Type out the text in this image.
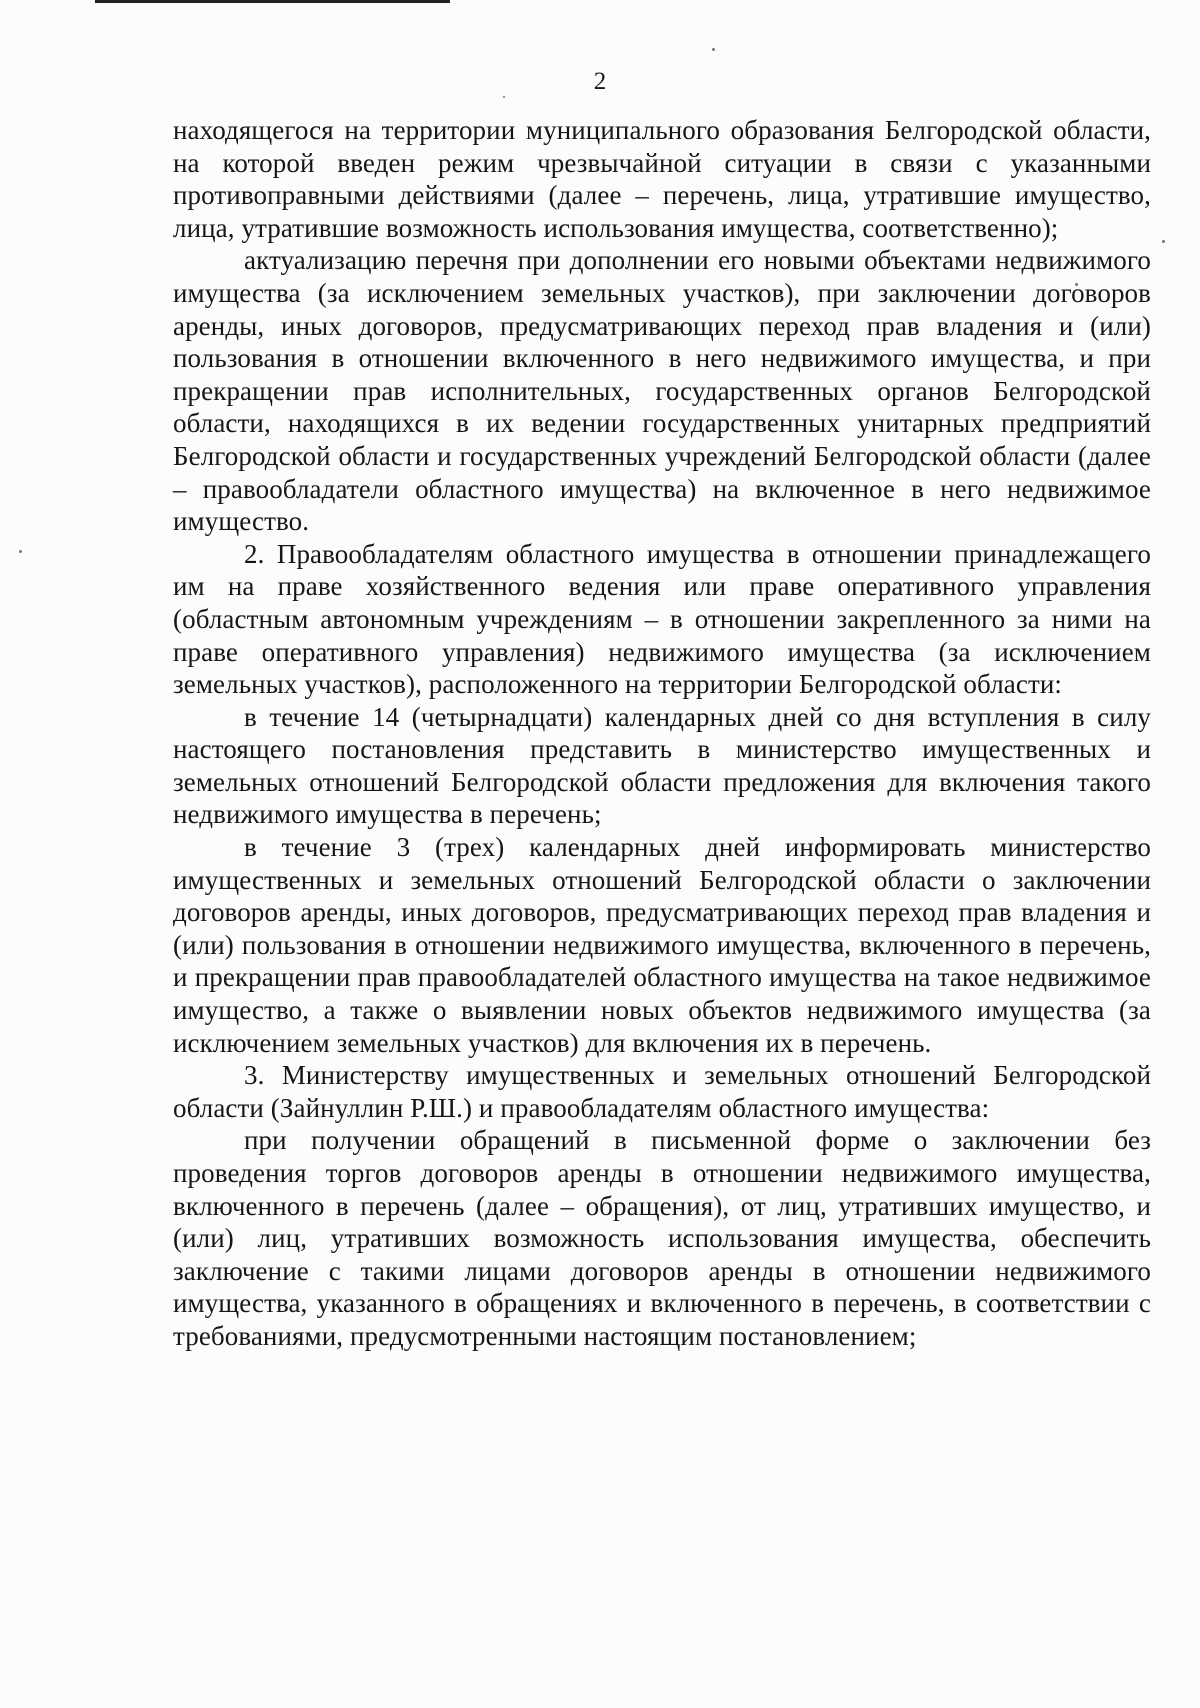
2

находящегося на территории муниципального образования Белгородской области, на которой введен режим чрезвычайной ситуации в связи с указанными противоправными действиями (далее – перечень, лица, утратившие имущество, лица, утратившие возможность использования имущества, соответственно);

актуализацию перечня при дополнении его новыми объектами недвижимого имущества (за исключением земельных участков), при заключении договоров аренды, иных договоров, предусматривающих переход прав владения и (или) пользования в отношении включенного в него недвижимого имущества, и при прекращении прав исполнительных, государственных органов Белгородской области, находящихся в их ведении государственных унитарных предприятий Белгородской области и государственных учреждений Белгородской области (далее – правообладатели областного имущества) на включенное в него недвижимое имущество.

2. Правообладателям областного имущества в отношении принадлежащего им на праве хозяйственного ведения или праве оперативного управления (областным автономным учреждениям – в отношении закрепленного за ними на праве оперативного управления) недвижимого имущества (за исключением земельных участков), расположенного на территории Белгородской области:

в течение 14 (четырнадцати) календарных дней со дня вступления в силу настоящего постановления представить в министерство имущественных и земельных отношений Белгородской области предложения для включения такого недвижимого имущества в перечень;

в течение 3 (трех) календарных дней информировать министерство имущественных и земельных отношений Белгородской области о заключении договоров аренды, иных договоров, предусматривающих переход прав владения и (или) пользования в отношении недвижимого имущества, включенного в перечень, и прекращении прав правообладателей областного имущества на такое недвижимое имущество, а также о выявлении новых объектов недвижимого имущества (за исключением земельных участков) для включения их в перечень.

3. Министерству имущественных и земельных отношений Белгородской области (Зайнуллин Р.Ш.) и правообладателям областного имущества:

при получении обращений в письменной форме о заключении без проведения торгов договоров аренды в отношении недвижимого имущества, включенного в перечень (далее – обращения), от лиц, утративших имущество, и (или) лиц, утративших возможность использования имущества, обеспечить заключение с такими лицами договоров аренды в отношении недвижимого имущества, указанного в обращениях и включенного в перечень, в соответствии с требованиями, предусмотренными настоящим постановлением;
